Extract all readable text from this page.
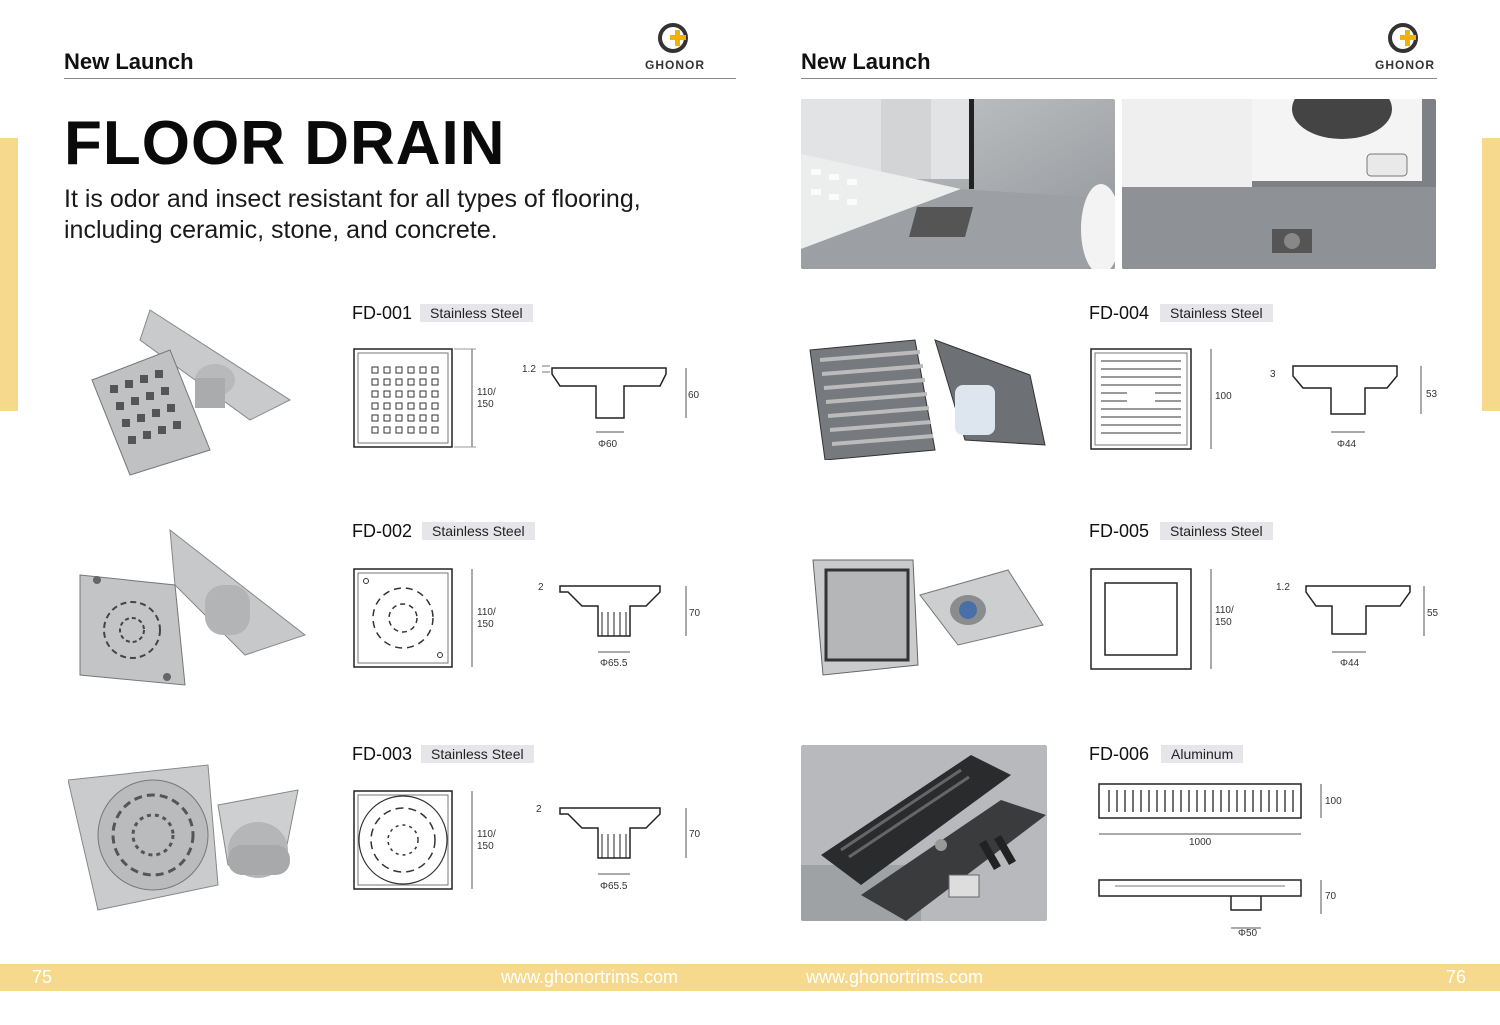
New Launch	GHONOR	New Launch	GHONOR
FLOOR DRAIN
It is odor and insect resistant for all types of flooring,
including ceramic, stone, and concrete.
FD-001	Stainless Steel
FD-002	Stainless Steel
FD-003	Stainless Steel
FD-004	Stainless Steel
FD-005	Stainless Steel
FD-006	Aluminum
110/
150
1.2
60
Φ60
110/
150
2
70
Φ65.5
110/
150
2
70
Φ65.5
100
3
53
Φ44
110/
150
1.2
55
Φ44
100
1000
70
Φ50
75	www.ghonortrims.com	www.ghonortrims.com	76
